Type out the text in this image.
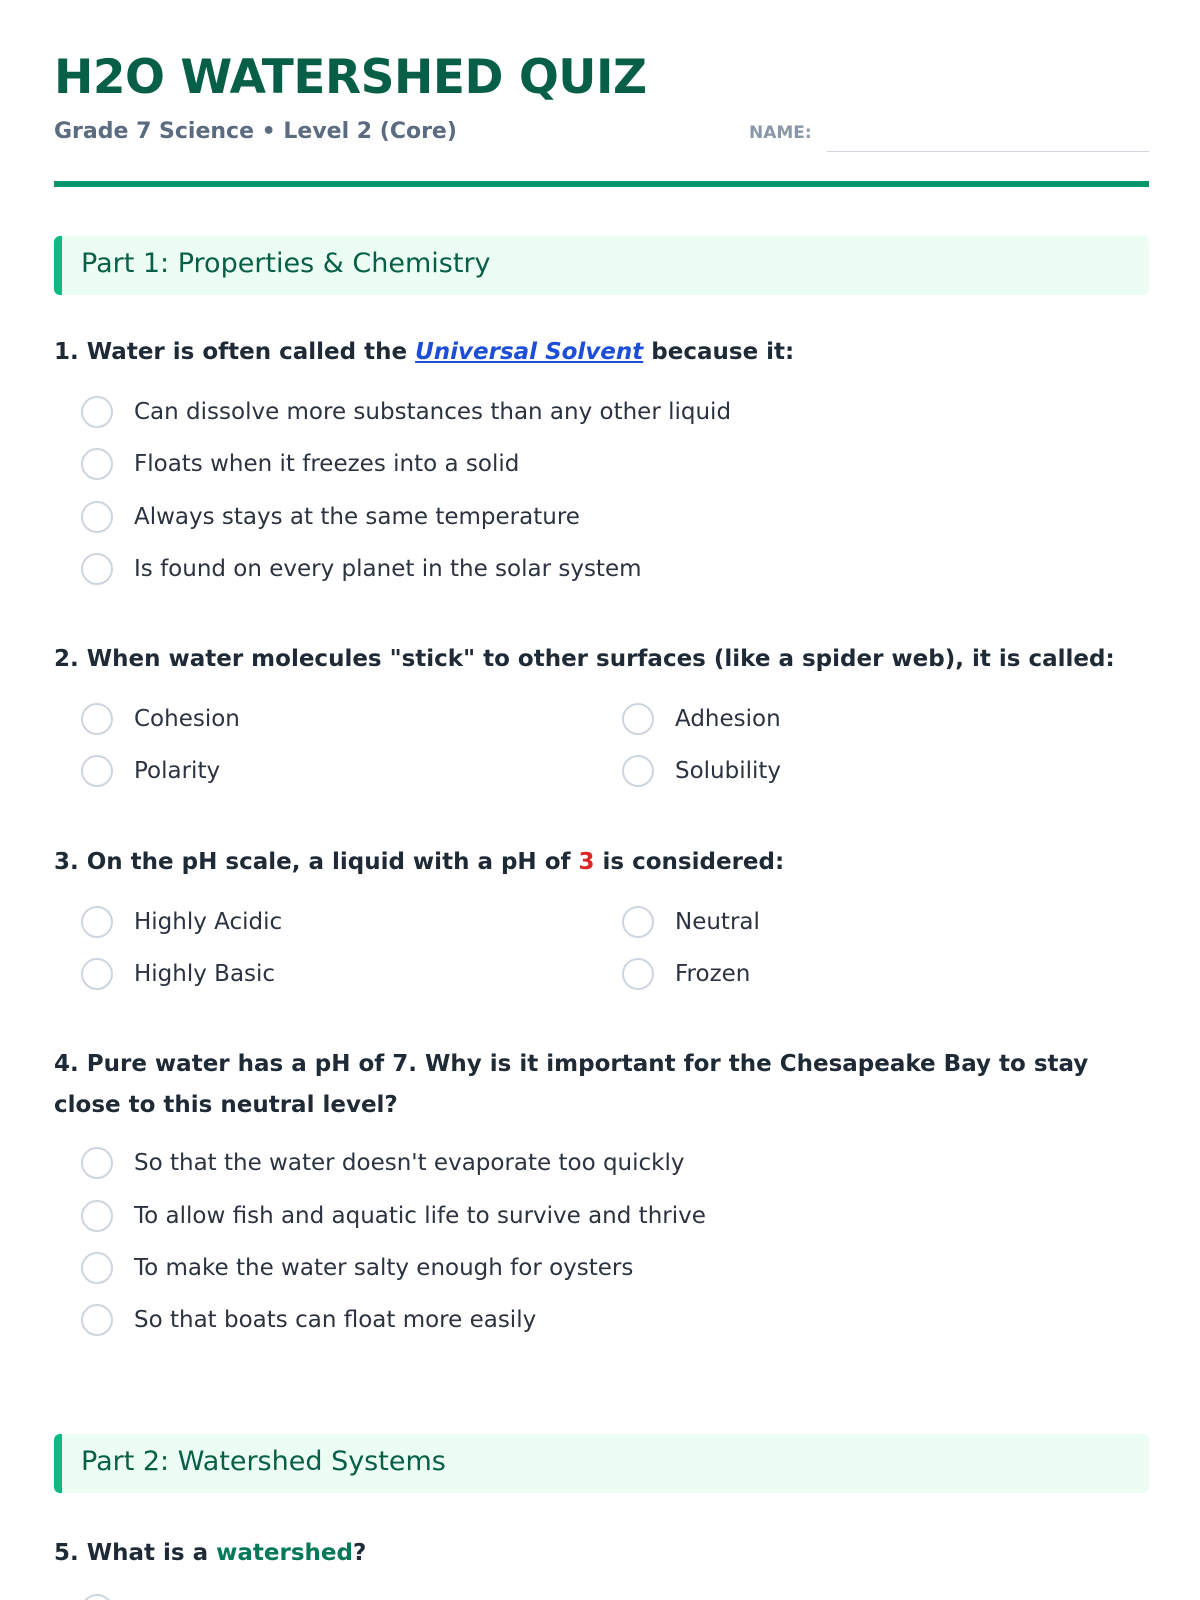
H2O WATERSHED QUIZ
Grade 7 Science • Level 2 (Core)	NAME:
Part 1: Properties & Chemistry
1. Water is often called the Universal Solvent because it:
Can dissolve more substances than any other liquid
Floats when it freezes into a solid
Always stays at the same temperature
Is found on every planet in the solar system
2. When water molecules "stick" to other surfaces (like a spider web), it is called:
Cohesion	Adhesion
Polarity	Solubility
3. On the pH scale, a liquid with a pH of 3 is considered:
Highly Acidic	Neutral
Highly Basic	Frozen
4. Pure water has a pH of 7. Why is it important for the Chesapeake Bay to stay close to this neutral level?
So that the water doesn't evaporate too quickly
To allow fish and aquatic life to survive and thrive
To make the water salty enough for oysters
So that boats can float more easily
Part 2: Watershed Systems
5. What is a watershed?
